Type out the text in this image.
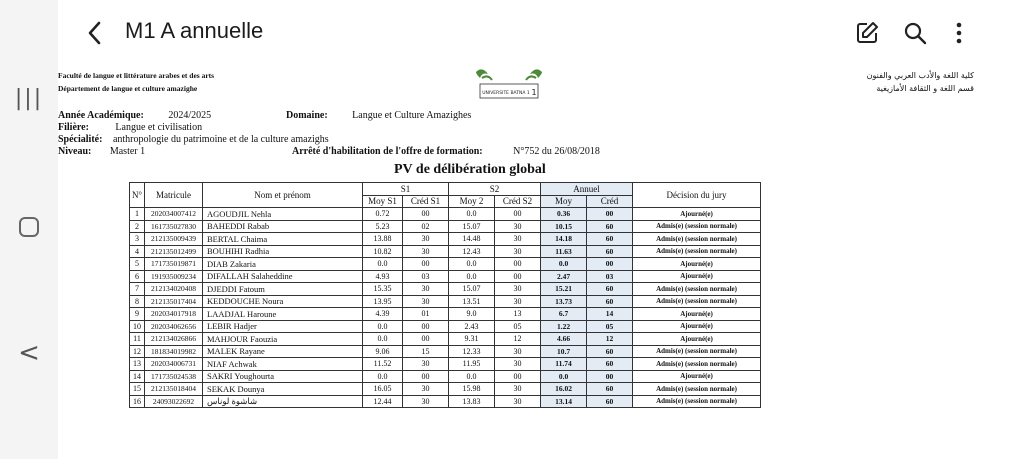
|||
<
M1 A annuelle
Faculté de langue et littérature arabes et des arts
Département de langue et culture amazighe
UNIVERSITE BATNA 1 1
كلية اللغة والأدب العربي والفنون
قسم اللغة و الثقافة الأمازيغية
Année Académique: 2024/2025	Domaine: Langue et Culture Amazighes
Filière:	Langue et civilisation
Spécialité: anthropologie du patrimoine et de la culture amazighs
Niveau: Master 1	Arrêté d'habilitation de l'offre de formation:	N°752 du 26/08/2018
PV de délibération global
N°	Matricule	Nom et prénom	S1		S2		Annuel		Décision du jury
			Moy S1	Créd S1	Moy 2	Créd S2	Moy	Créd	
1	202034007412	AGOUDJIL Nehla	0.72	00	0.0	00	0.36	00	Ajourné(e)
2	161735027830	BAHEDDI Rabab	5.23	02	15.07	30	10.15	60	Admis(e) (session normale)
3	212135009439	BERTAL Chaima	13.88	30	14.48	30	14.18	60	Admis(e) (session normale)
4	212135012499	BOUHIHI Radhia	10.82	30	12.43	30	11.63	60	Admis(e) (session normale)
5	171735019871	DIAB Zakaria	0.0	00	0.0	00	0.0	00	Ajourné(e)
6	191935009234	DIFALLAH Salaheddine	4.93	03	0.0	00	2.47	03	Ajourné(e)
7	212134020408	DJEDDI Fatoum	15.35	30	15.07	30	15.21	60	Admis(e) (session normale)
8	212135017404	KEDDOUCHE Noura	13.95	30	13.51	30	13.73	60	Admis(e) (session normale)
9	202034017918	LAADJAL Haroune	4.39	01	9.0	13	6.7	14	Ajourné(e)
10	202034062656	LEBIR Hadjer	0.0	00	2.43	05	1.22	05	Ajourné(e)
11	212134026866	MAHJOUR Faouzia	0.0	00	9.31	12	4.66	12	Ajourné(e)
12	181834019982	MALEK Rayane	9.06	15	12.33	30	10.7	60	Admis(e) (session normale)
13	202034006731	NIAF Achwak	11.52	30	11.95	30	11.74	60	Admis(e) (session normale)
14	171735024538	SAKRI Youghourta	0.0	00	0.0	00	0.0	00	Ajourné(e)
15	212135018404	SEKAK Dounya	16.05	30	15.98	30	16.02	60	Admis(e) (session normale)
16	24093022692	شاشوة لوناس	12.44	30	13.83	30	13.14	60	Admis(e) (session normale)
